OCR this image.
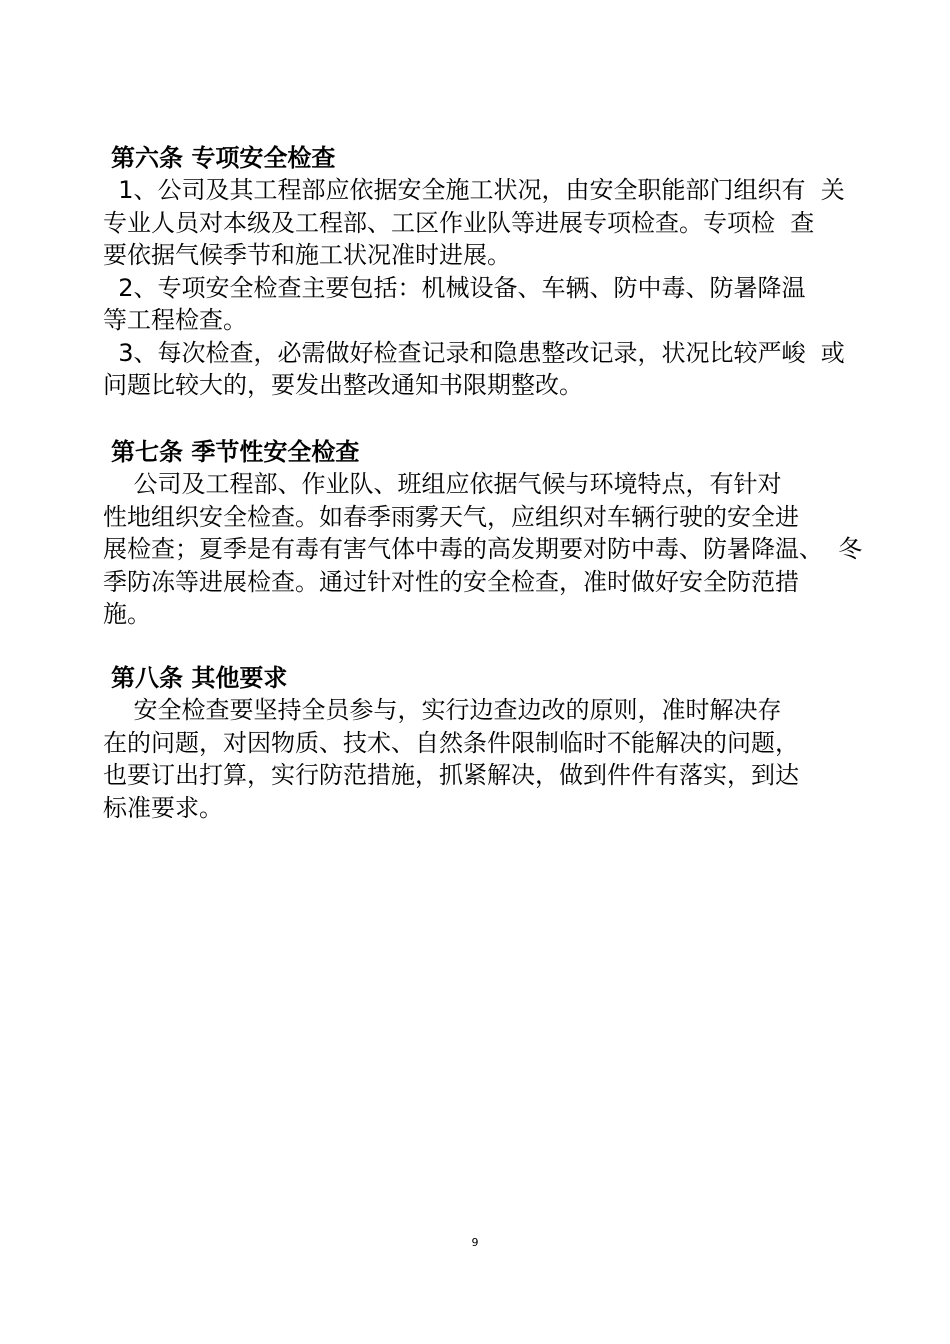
第六条 专项安全检查
1、公司及其工程部应依据安全施工状况，由安全职能部门组织有  关
专业人员对本级及工程部、工区作业队等进展专项检查。专项检  查
要依据气候季节和施工状况准时进展。
2、专项安全检查主要包括：机械设备、车辆、防中毒、防暑降温
等工程检查。
3、每次检查，必需做好检查记录和隐患整改记录，状况比较严峻  或
问题比较大的，要发出整改通知书限期整改。
第七条 季节性安全检查
公司及工程部、作业队、班组应依据气候与环境特点，有针对
性地组织安全检查。如春季雨雾天气，应组织对车辆行驶的安全进
展检查；夏季是有毒有害气体中毒的高发期要对防中毒、防暑降温、  冬
季防冻等进展检查。通过针对性的安全检查，准时做好安全防范措
施。
第八条 其他要求
安全检查要坚持全员参与，实行边查边改的原则，准时解决存
在的问题，对因物质、技术、自然条件限制临时不能解决的问题，
也要订出打算，实行防范措施，抓紧解决，做到件件有落实，到达
标准要求。
9
